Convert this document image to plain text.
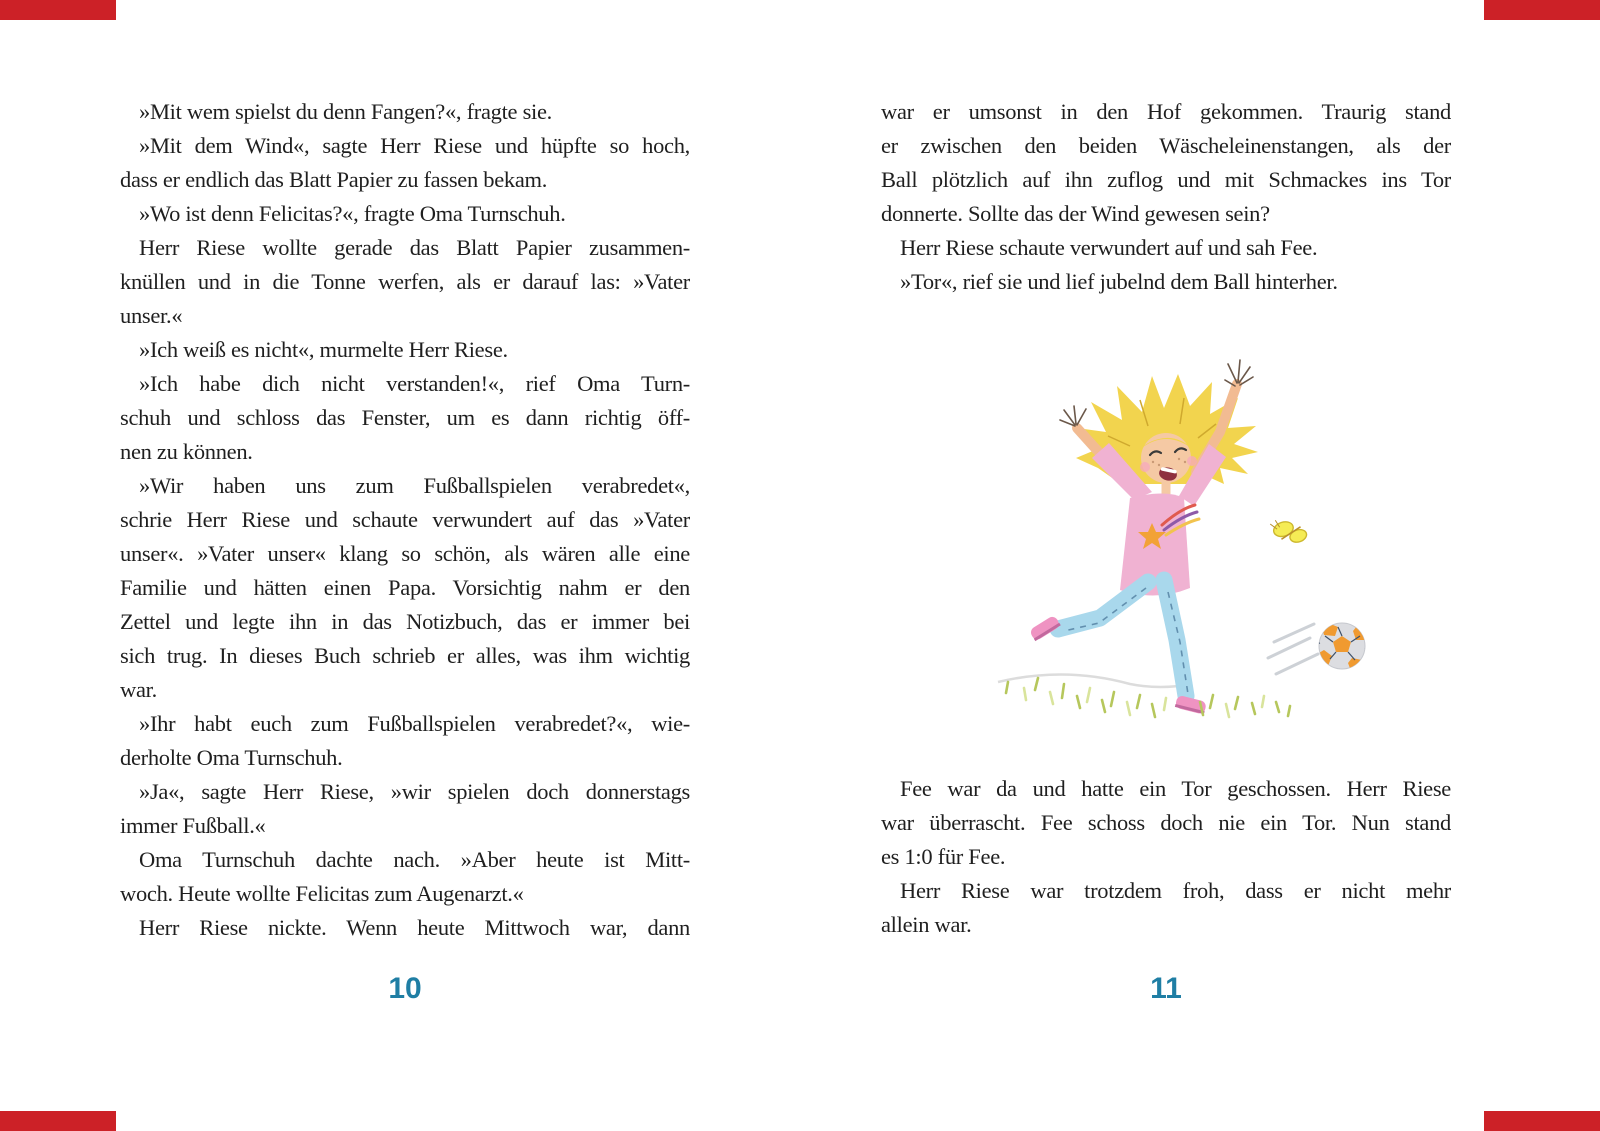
»Mit wem spielst du denn Fangen?«, fragte sie.
»Mit dem Wind«, sagte Herr Riese und hüpfte so hoch,
dass er endlich das Blatt Papier zu fassen bekam.
»Wo ist denn Felicitas?«, fragte Oma Turnschuh.
Herr Riese wollte gerade das Blatt Papier zusammen-
knüllen und in die Tonne werfen, als er darauf las: »Vater
unser.«
»Ich weiß es nicht«, murmelte Herr Riese.
»Ich habe dich nicht verstanden!«, rief Oma Turn-
schuh und schloss das Fenster, um es dann richtig öff-
nen zu können.
»Wir haben uns zum Fußballspielen verabredet«,
schrie Herr Riese und schaute verwundert auf das »Vater
unser«. »Vater unser« klang so schön, als wären alle eine
Familie und hätten einen Papa. Vorsichtig nahm er den
Zettel und legte ihn in das Notizbuch, das er immer bei
sich trug. In dieses Buch schrieb er alles, was ihm wichtig
war.
»Ihr habt euch zum Fußballspielen verabredet?«, wie-
derholte Oma Turnschuh.
»Ja«, sagte Herr Riese, »wir spielen doch donnerstags
immer Fußball.«
Oma Turnschuh dachte nach. »Aber heute ist Mitt-
woch. Heute wollte Felicitas zum Augenarzt.«
Herr Riese nickte. Wenn heute Mittwoch war, dann
10
war er umsonst in den Hof gekommen. Traurig stand
er zwischen den beiden Wäscheleinenstangen, als der
Ball plötzlich auf ihn zuflog und mit Schmackes ins Tor
donnerte. Sollte das der Wind gewesen sein?
Herr Riese schaute verwundert auf und sah Fee.
»Tor«, rief sie und lief jubelnd dem Ball hinterher.
Fee war da und hatte ein Tor geschossen. Herr Riese
war überrascht. Fee schoss doch nie ein Tor. Nun stand
es 1:0 für Fee.
Herr Riese war trotzdem froh, dass er nicht mehr
allein war.
11
